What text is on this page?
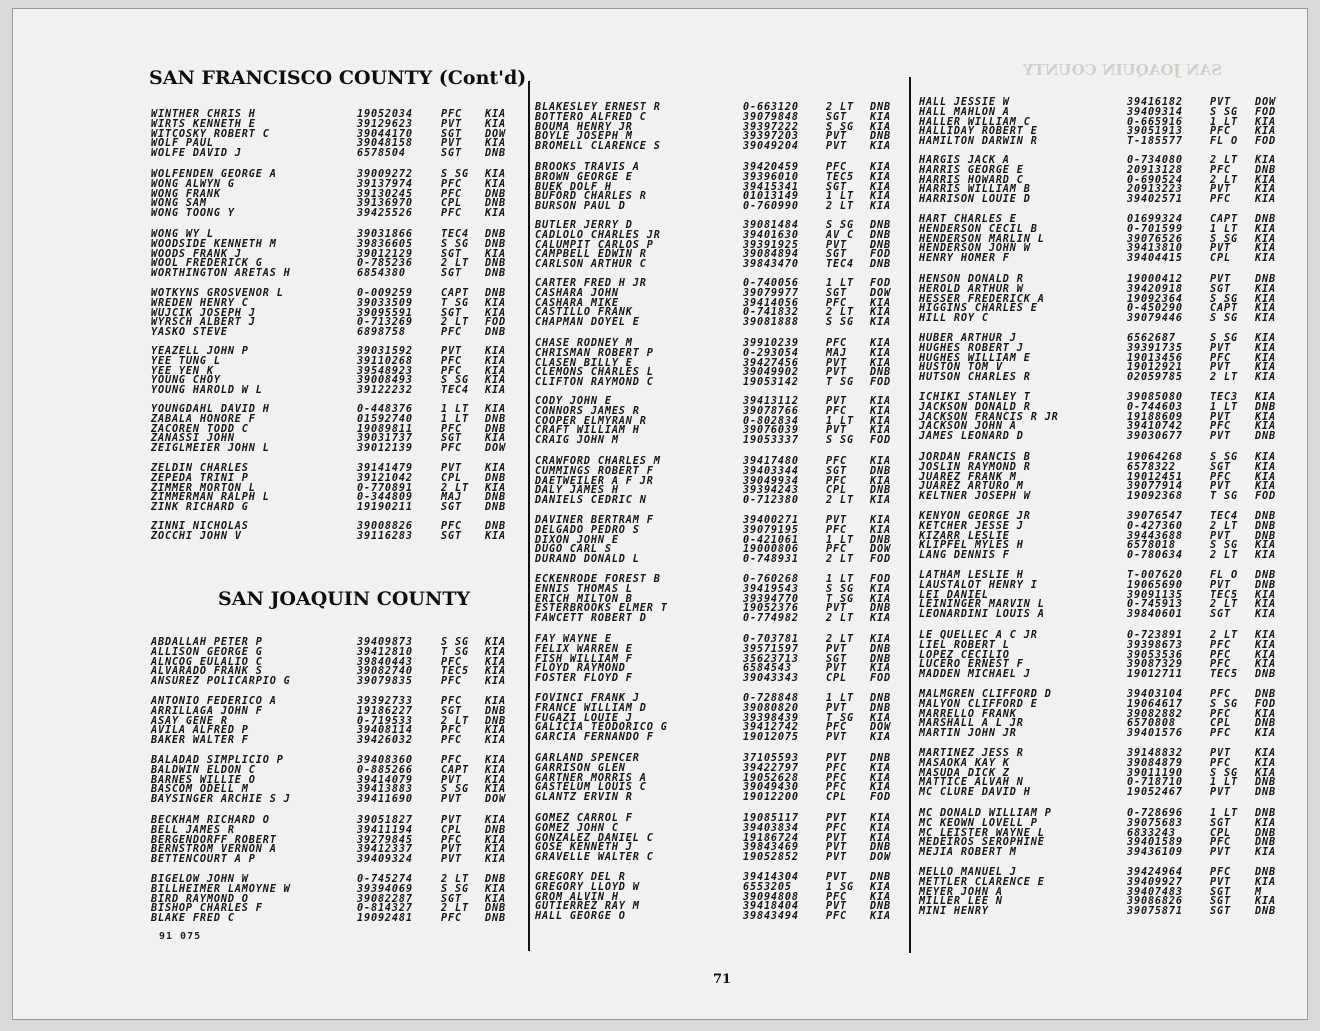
SAN JOAQUIN COUNTY
SAN FRANCISCO COUNTY (Cont'd)
SAN JOAQUIN COUNTY
WINTHER CHRIS H	19052034	PFC KIA
WIRTS KENNETH E	39129623	PVT KIA
WITCOSKY ROBERT C	39044170	SGT DOW
WOLF PAUL	39048158	PVT KIA
WOLFE DAVID J	6578504	SGT DNB
WOLFENDEN GEORGE A	39009272	S SG KIA
WONG ALWYN G	39137974	PFC KIA
WONG FRANK	39130245	PFC DNB
WONG SAM	39136970	CPL DNB
WONG TOONG Y	39425526	PFC KIA
WONG WY L	39031866	TEC4 DNB
WOODSIDE KENNETH M	39836605	S SG DNB
WOODS FRANK J	39012129	SGT KIA
WOOL FREDERICK G	0-785236	2 LT DNB
WORTHINGTON ARETAS H	6854380	SGT DNB
WOTKYNS GROSVENOR L	0-009259	CAPT DNB
WREDEN HENRY C	39033509	T SG KIA
WUJCIK JOSEPH J	39095591	SGT KIA
WYRSCH ALBERT J	0-713269	2 LT FOD
YASKO STEVE	6898758	PFC DNB
YEAZELL JOHN P	39031592	PVT KIA
YEE TUNG L	39110268	PFC KIA
YEE YEN K	39548923	PFC KIA
YOUNG CHOY	39008493	S SG KIA
YOUNG HAROLD W L	39122232	TEC4 KIA
YOUNGDAHL DAVID H	0-448376	1 LT KIA
ZABALA HONORE F	01592740	1 LT DNB
ZACOREN TODD C	19089811	PFC DNB
ZANASSI JOHN	39031737	SGT KIA
ZEIGLMEIER JOHN L	39012139	PFC DOW
ZELDIN CHARLES	39141479	PVT KIA
ZEPEDA TRINI P	39121042	CPL DNB
ZIMMER MORTON L	0-770891	2 LT KIA
ZIMMERMAN RALPH L	0-344809	MAJ DNB
ZINK RICHARD G	19190211	SGT DNB
ZINNI NICHOLAS	39008826	PFC DNB
ZOCCHI JOHN V	39116283	SGT KIA
ABDALLAH PETER P	39409873	S SG KIA
ALLISON GEORGE G	39412810	T SG KIA
ALNCOG EULALIO C	39840443	PFC KIA
ALVARADO FRANK S	39082740	TEC5 KIA
ANSUREZ POLICARPIO G	39079835	PFC KIA
ANTONIO FEDERICO A	39392733	PFC KIA
ARRILLAGA JOHN F	19186227	SGT DNB
ASAY GENE R	0-719533	2 LT DNB
AVILA ALFRED P	39408114	PFC KIA
BAKER WALTER F	39426032	PFC KIA
BALADAD SIMPLICIO P	39408360	PFC KIA
BALDWIN ELDON C	0-885266	CAPT KIA
BARNES WILLIE O	39414079	PVT KIA
BASCOM ODELL M	39413883	S SG KIA
BAYSINGER ARCHIE S J	39411690	PVT DOW
BECKHAM RICHARD O	39051827	PVT KIA
BELL JAMES R	39411194	CPL DNB
BERGENDORFF ROBERT	39279845	PFC KIA
BERNSTROM VERNON A	39412337	PVT KIA
BETTENCOURT A P	39409324	PVT KIA
BIGELOW JOHN W	0-745274	2 LT DNB
BILLHEIMER LAMOYNE W	39394069	S SG KIA
BIRD RAYMOND O	39082287	SGT KIA
BISHOP CHARLES F	0-814327	2 LT DNB
BLAKE FRED C	19092481	PFC DNB
BLAKESLEY ERNEST R	0-663120	2 LT DNB
BOTTERO ALFRED C	39079848	SGT KIA
BOUMA HENRY JR	39397222	S SG KIA
BOYLE JOSEPH M	39397203	PVT DNB
BROMELL CLARENCE S	39049204	PVT KIA
BROOKS TRAVIS A	39420459	PFC KIA
BROWN GEORGE E	39396010	TEC5 KIA
BUEK DOLF H	39415341	SGT KIA
BUFORD CHARLES R	01013149	1 LT KIA
BURSON PAUL D	0-760990	2 LT KIA
BUTLER JERRY D	39081484	S SG DNB
CADLOLO CHARLES JR	39401630	AV C DNB
CALUMPIT CARLOS P	39391925	PVT DNB
CAMPBELL EDWIN R	39084894	SGT FOD
CARLSON ARTHUR C	39843470	TEC4 DNB
CARTER FRED H JR	0-740056	1 LT FOD
CASHARA JOHN	39079977	SGT DOW
CASHARA MIKE	39414056	PFC KIA
CASTILLO FRANK	0-741832	2 LT KIA
CHAPMAN DOYEL E	39081888	S SG KIA
CHASE RODNEY M	39910239	PFC KIA
CHRISMAN ROBERT P	0-293054	MAJ KIA
CLASEN BILLY E	39427456	PVT KIA
CLEMONS CHARLES L	39049902	PVT DNB
CLIFTON RAYMOND C	19053142	T SG FOD
CODY JOHN E	39413112	PVT KIA
CONNORS JAMES R	39078766	PFC KIA
COOPER ELMYRAN R	0-802834	1 LT KIA
CRAFT WILLIAM H	39076039	PVT KIA
CRAIG JOHN M	19053337	S SG FOD
CRAWFORD CHARLES M	39417480	PFC KIA
CUMMINGS ROBERT F	39403344	SGT DNB
DAETWEILER A F JR	39049934	PFC KIA
DALY JAMES H	39394243	CPL DNB
DANIELS CEDRIC N	0-712380	2 LT KIA
DAVINER BERTRAM F	39400271	PVT KIA
DELGADO PEDRO S	39079195	PFC KIA
DIXON JOHN E	0-421061	1 LT DNB
DUGO CARL S	19000806	PFC DOW
DURAND DONALD L	0-748931	2 LT FOD
ECKENRODE FOREST B	0-760268	1 LT FOD
ENNIS THOMAS L	39419543	S SG KIA
ERICH MILTON B	39394770	T SG KIA
ESTERBROOKS ELMER T	19052376	PVT DNB
FAWCETT ROBERT D	0-774982	2 LT KIA
FAY WAYNE E	0-703781	2 LT KIA
FELIX WARREN E	39571597	PVT DNB
FISH WILLIAM F	35623713	SGT DNB
FLOYD RAYMOND	6584543	PVT KIA
FOSTER FLOYD F	39043343	CPL FOD
FOVINCI FRANK J	0-728848	1 LT DNB
FRANCE WILLIAM D	39080820	PVT DNB
FUGAZI LOUIE J	39398439	T SG KIA
GALICIA TEODORICO G	39412742	PFC DOW
GARCIA FERNANDO F	19012075	PVT KIA
GARLAND SPENCER	37105593	PVT DNB
GARRISON GLEN	39422797	PFC KIA
GARTNER MORRIS A	19052628	PFC KIA
GASTELUM LOUIS C	39049430	PFC KIA
GLANTZ ERVIN R	19012200	CPL FOD
GOMEZ CARROL F	19085117	PVT KIA
GOMEZ JOHN C	39403834	PFC KIA
GONZALEZ DANIEL C	19186724	PVT KIA
GOSE KENNETH J	39843469	PVT DNB
GRAVELLE WALTER C	19052852	PVT DOW
GREGORY DEL R	39414304	PVT DNB
GREGORY LLOYD W	6553205	1 SG KIA
GROM ALVIN H	39094808	PFC KIA
GUTIERREZ RAY M	39418404	PVT DNB
HALL GEORGE O	39843494	PFC KIA
HALL JESSIE W	39416182	PVT DOW
HALL MAHLON A	39409314	S SG FOD
HALLER WILLIAM C	0-665916	1 LT KIA
HALLIDAY ROBERT E	39051913	PFC KIA
HAMILTON DARWIN R	T-185577	FL O FOD
HARGIS JACK A	0-734080	2 LT KIA
HARRIS GEORGE E	20913128	PFC DNB
HARRIS HOWARD C	0-690524	2 LT KIA
HARRIS WILLIAM B	20913223	PVT KIA
HARRISON LOUIE D	39402571	PFC KIA
HART CHARLES E	01699324	CAPT DNB
HENDERSON CECIL B	0-701599	1 LT KIA
HENDERSON MARLIN L	39076526	S SG KIA
HENDERSON JOHN W	39413810	PVT KIA
HENRY HOMER F	39404415	CPL KIA
HENSON DONALD R	19000412	PVT DNB
HEROLD ARTHUR W	39420918	SGT KIA
HESSER FREDERICK A	19092364	S SG KIA
HIGGINS CHARLES E	0-450290	CAPT KIA
HILL ROY C	39079446	S SG KIA
HUBER ARTHUR J	6562687	S SG KIA
HUGHES ROBERT J	39391735	PVT KIA
HUGHES WILLIAM E	19013456	PFC KIA
HUSTON TOM V	19012921	PVT KIA
HUTSON CHARLES R	02059785	2 LT KIA
ICHIKI STANLEY T	39085080	TEC3 KIA
JACKSON DONALD R	0-744603	1 LT DNB
JACKSON FRANCIS R JR	19188609	PVT KIA
JACKSON JOHN A	39410742	PFC KIA
JAMES LEONARD D	39030677	PVT DNB
JORDAN FRANCIS B	19064268	S SG KIA
JOSLIN RAYMOND R	6578322	SGT KIA
JUAREZ FRANK M	19012451	PFC KIA
JUAREZ ARTURO M	39077914	PVT KIA
KELTNER JOSEPH W	19092368	T SG FOD
KENYON GEORGE JR	39076547	TEC4 DNB
KETCHER JESSE J	0-427360	2 LT DNB
KIZARR LESLIE	39443688	PVT DNB
KLIPFEL MYLES H	6578018	S SG KIA
LANG DENNIS F	0-780634	2 LT KIA
LATHAM LESLIE H	T-007620	FL O DNB
LAUSTALOT HENRY I	19065690	PVT DNB
LEI DANIEL	39091135	TEC5 KIA
LEININGER MARVIN L	0-745913	2 LT KIA
LEONARDINI LOUIS A	39840601	SGT KIA
LE QUELLEC A C JR	0-723891	2 LT KIA
LIEL ROBERT L	39398673	PFC KIA
LOPEZ CECILIO	39053536	PFC KIA
LUCERO ERNEST F	39087329	PFC KIA
MADDEN MICHAEL J	19012711	TEC5 DNB
MALMGREN CLIFFORD D	39403104	PFC DNB
MALYON CLIFFORD E	19064617	S SG FOD
MARRELLO FRANK	39082882	PFC KIA
MARSHALL A L JR	6570808	CPL DNB
MARTIN JOHN JR	39401576	PFC KIA
MARTINEZ JESS R	39148832	PVT KIA
MASAOKA KAY K	39084879	PFC KIA
MASUDA DICK Z	39011190	S SG KIA
MATTICE ALVAH N	0-718710	1 LT DNB
MC CLURE DAVID H	19052467	PVT DNB
MC DONALD WILLIAM P	0-728696	1 LT DNB
MC KEOWN LOVELL P	39075683	SGT KIA
MC LEISTER WAYNE L	6833243	CPL DNB
MEDEIROS SEROPHINE	39401589	PFC DNB
MEJIA ROBERT M	39436109	PVT KIA
MELLO MANUEL J	39424964	PFC DNB
METTLER CLARENCE E	39409927	PVT KIA
MEYER JOHN A	39407483	SGT M
MILLER LEE N	39086826	SGT KIA
MINI HENRY	39075871	SGT DNB
91 075
71
